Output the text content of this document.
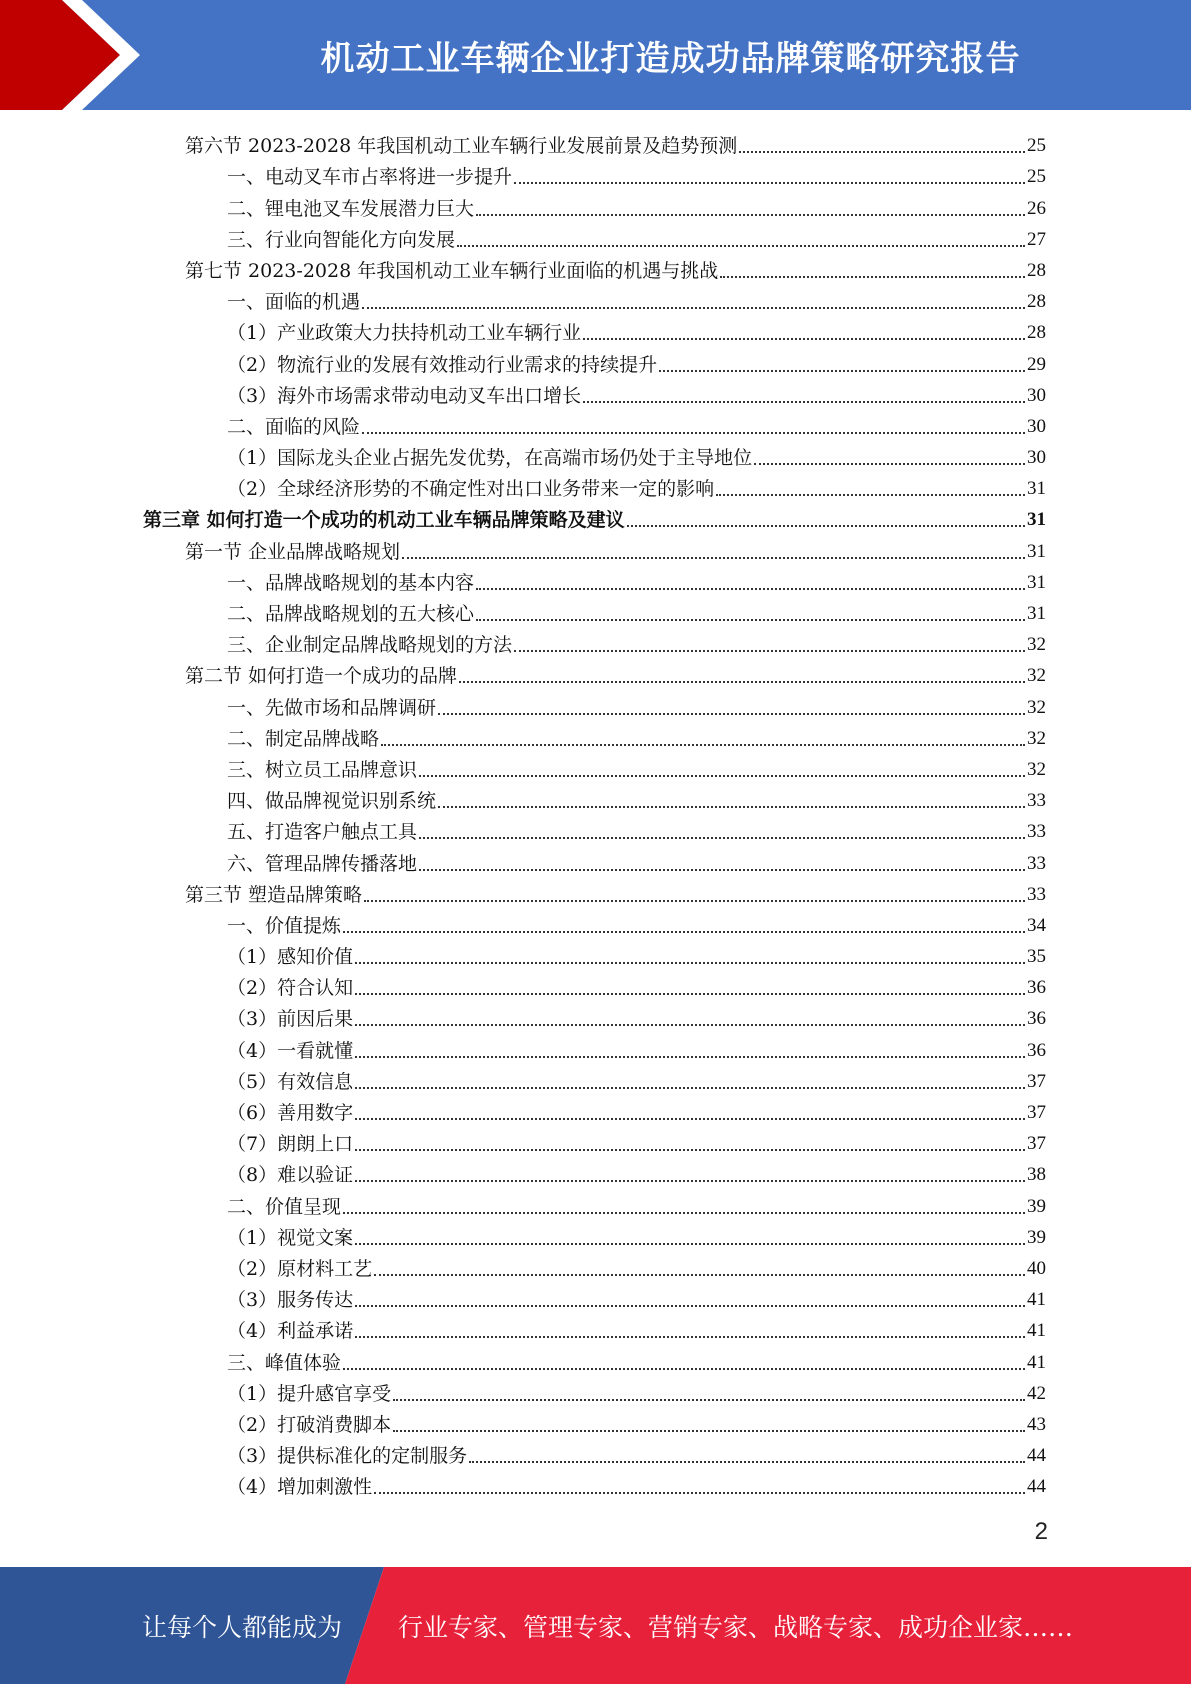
机动工业车辆企业打造成功品牌策略研究报告
第六节 2023-2028 年我国机动工业车辆行业发展前景及趋势预测	25
一、电动叉车市占率将进一步提升	25
二、锂电池叉车发展潜力巨大	26
三、行业向智能化方向发展	27
第七节 2023-2028 年我国机动工业车辆行业面临的机遇与挑战	28
一、面临的机遇	28
（1）产业政策大力扶持机动工业车辆行业	28
（2）物流行业的发展有效推动行业需求的持续提升	29
（3）海外市场需求带动电动叉车出口增长	30
二、面临的风险	30
（1）国际龙头企业占据先发优势，在高端市场仍处于主导地位	30
（2）全球经济形势的不确定性对出口业务带来一定的影响	31
第三章 如何打造一个成功的机动工业车辆品牌策略及建议	31
第一节 企业品牌战略规划	31
一、品牌战略规划的基本内容	31
二、品牌战略规划的五大核心	31
三、企业制定品牌战略规划的方法	32
第二节 如何打造一个成功的品牌	32
一、先做市场和品牌调研	32
二、制定品牌战略	32
三、树立员工品牌意识	32
四、做品牌视觉识别系统	33
五、打造客户触点工具	33
六、管理品牌传播落地	33
第三节 塑造品牌策略	33
一、价值提炼	34
（1）感知价值	35
（2）符合认知	36
（3）前因后果	36
（4）一看就懂	36
（5）有效信息	37
（6）善用数字	37
（7）朗朗上口	37
（8）难以验证	38
二、价值呈现	39
（1）视觉文案	39
（2）原材料工艺	40
（3）服务传达	41
（4）利益承诺	41
三、峰值体验	41
（1）提升感官享受	42
（2）打破消费脚本	43
（3）提供标准化的定制服务	44
（4）增加刺激性	44
2
让每个人都能成为 行业专家、管理专家、营销专家、战略专家、成功企业家……
